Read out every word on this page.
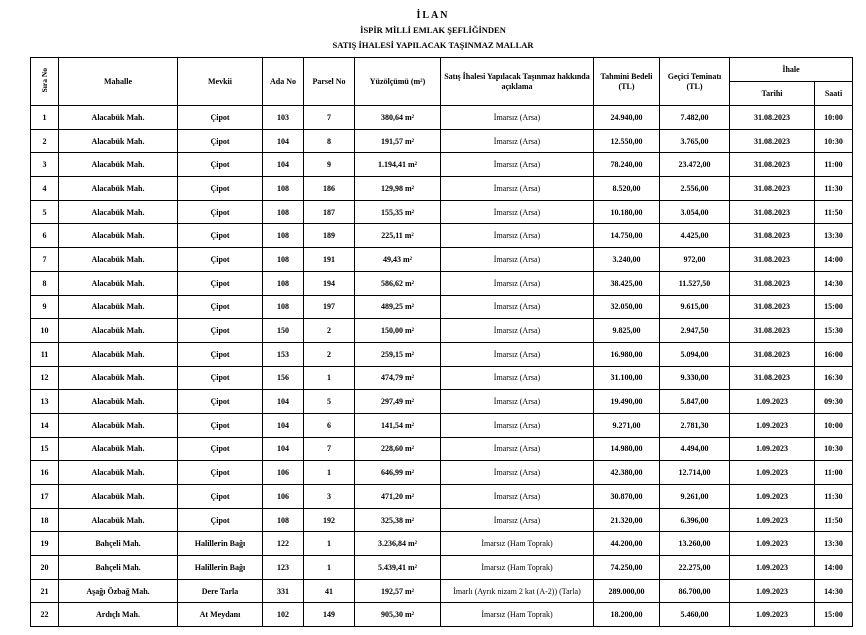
İLAN
İSPİR MİLLİ EMLAK ŞEFLİĞİNDEN
SATIŞ İHALESİ YAPILACAK TAŞINMAZ MALLAR
Sıra No	Mahalle	Mevkii	Ada No	Parsel No	Yüzölçümü (m²)	Satış İhalesi Yapılacak Taşınmaz hakkında açıklama	Tahmini Bedeli (TL)	Geçici Teminatı (TL)	İhale	
									Tarihi	Saati
1	Alacabük Mah.	Çipot	103	7	380,64 m²	İmarsız (Arsa)	24.940,00	7.482,00	31.08.2023	10:00
2	Alacabük Mah.	Çipot	104	8	191,57 m²	İmarsız (Arsa)	12.550,00	3.765,00	31.08.2023	10:30
3	Alacabük Mah.	Çipot	104	9	1.194,41 m²	İmarsız (Arsa)	78.240,00	23.472,00	31.08.2023	11:00
4	Alacabük Mah.	Çipot	108	186	129,98 m²	İmarsız (Arsa)	8.520,00	2.556,00	31.08.2023	11:30
5	Alacabük Mah.	Çipot	108	187	155,35 m²	İmarsız (Arsa)	10.180,00	3.054,00	31.08.2023	11:50
6	Alacabük Mah.	Çipot	108	189	225,11 m²	İmarsız (Arsa)	14.750,00	4.425,00	31.08.2023	13:30
7	Alacabük Mah.	Çipot	108	191	49,43 m²	İmarsız (Arsa)	3.240,00	972,00	31.08.2023	14:00
8	Alacabük Mah.	Çipot	108	194	586,62 m²	İmarsız (Arsa)	38.425,00	11.527,50	31.08.2023	14:30
9	Alacabük Mah.	Çipot	108	197	489,25 m²	İmarsız (Arsa)	32.050,00	9.615,00	31.08.2023	15:00
10	Alacabük Mah.	Çipot	150	2	150,00 m²	İmarsız (Arsa)	9.825,00	2.947,50	31.08.2023	15:30
11	Alacabük Mah.	Çipot	153	2	259,15 m²	İmarsız (Arsa)	16.980,00	5.094,00	31.08.2023	16:00
12	Alacabük Mah.	Çipot	156	1	474,79 m²	İmarsız (Arsa)	31.100,00	9.330,00	31.08.2023	16:30
13	Alacabük Mah.	Çipot	104	5	297,49 m²	İmarsız (Arsa)	19.490,00	5.847,00	1.09.2023	09:30
14	Alacabük Mah.	Çipot	104	6	141,54 m²	İmarsız (Arsa)	9.271,00	2.781,30	1.09.2023	10:00
15	Alacabük Mah.	Çipot	104	7	228,60 m²	İmarsız (Arsa)	14.980,00	4.494,00	1.09.2023	10:30
16	Alacabük Mah.	Çipot	106	1	646,99 m²	İmarsız (Arsa)	42.380,00	12.714,00	1.09.2023	11:00
17	Alacabük Mah.	Çipot	106	3	471,20 m²	İmarsız (Arsa)	30.870,00	9.261,00	1.09.2023	11:30
18	Alacabük Mah.	Çipot	108	192	325,38 m²	İmarsız (Arsa)	21.320,00	6.396,00	1.09.2023	11:50
19	Bahçeli Mah.	Halillerin Bağı	122	1	3.236,84 m²	İmarsız (Ham Toprak)	44.200,00	13.260,00	1.09.2023	13:30
20	Bahçeli Mah.	Halillerin Bağı	123	1	5.439,41 m²	İmarsız (Ham Toprak)	74.250,00	22.275,00	1.09.2023	14:00
21	Aşağı Özbağ Mah.	Dere Tarla	331	41	192,57 m²	İmarlı (Ayrık nizam 2 kat (A-2)) (Tarla)	289.000,00	86.700,00	1.09.2023	14:30
22	Ardıçlı Mah.	At Meydanı	102	149	905,30 m²	İmarsız (Ham Toprak)	18.200,00	5.460,00	1.09.2023	15:00
